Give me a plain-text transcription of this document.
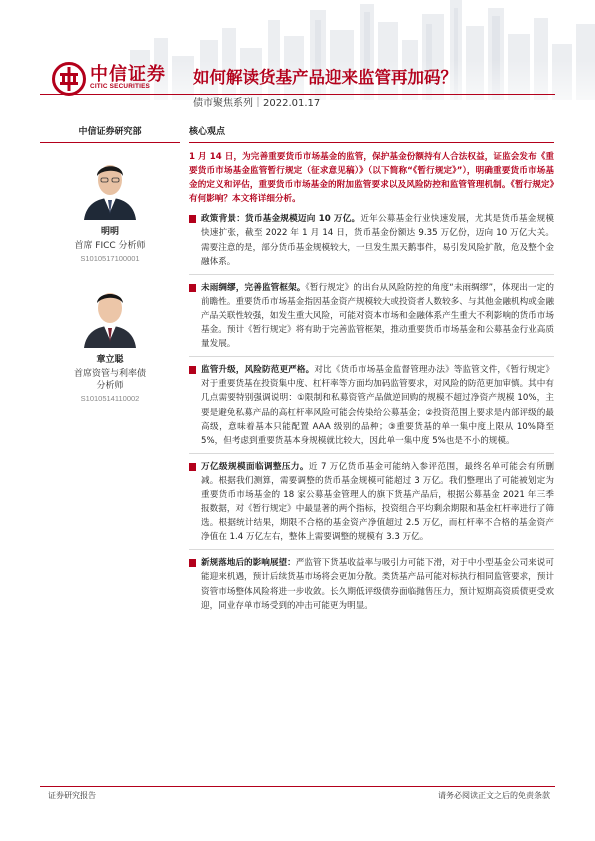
中信证券
CITIC SECURITIES	如何解读货基产品迎来监管再加码？
债市聚焦系列｜2022.01.17
中信证券研究部
明明
首席 FICC 分析师
S1010517100001
章立聪
首席资管与利率债
分析师
S1010514110002
核心观点
1 月 14 日，为完善重要货币市场基金的监管，保护基金份额持有人合法权益，证监会发布《重要货币市场基金监管暂行规定（征求意见稿）》（以下简称“《暂行规定》”），明确重要货币市场基金的定义和评估，重要货币市场基金的附加监管要求以及风险防控和监管管理机制。《暂行规定》有何影响？本文将详细分析。
政策背景：货币基金规模迈向 10 万亿。近年公募基金行业快速发展，尤其是货币基金规模快速扩张，截至 2022 年 1 月 14 日，货币基金份额达 9.35 万亿份，迈向 10 万亿大关。需要注意的是，部分货币基金规模较大，一旦发生黑天鹅事件，易引发风险扩散，危及整个金融体系。
未雨绸缪，完善监管框架。《暂行规定》的出台从风险防控的角度“未雨绸缪”，体现出一定的前瞻性。重要货币市场基金指因基金资产规模较大或投资者人数较多、与其他金融机构或金融产品关联性较强，如发生重大风险，可能对资本市场和金融体系产生重大不利影响的货币市场基金。预计《暂行规定》将有助于完善监管框架，推动重要货币市场基金和公募基金行业高质量发展。
监管升级，风险防范更严格。对比《货币市场基金监督管理办法》等监管文件，《暂行规定》对于重要货基在投资集中度、杠杆率等方面均加码监管要求，对风险的防范更加审慎。其中有几点需要特别强调说明：①限制和私募资管产品做逆回购的规模不超过净资产规模 10%，主要是避免私募产品的高杠杆率风险可能会传染给公募基金；②投资范围上要求是内部评级的最高级，意味着基本只能配置 AAA 级别的品种；③重要货基的单一集中度上限从 10%降至 5%，但考虑到重要货基本身规模就比较大，因此单一集中度 5%也是不小的规模。
万亿级规模面临调整压力。近 7 万亿货币基金可能纳入参评范围，最终名单可能会有所删减。根据我们测算，需要调整的货币基金规模可能超过 3 万亿。我们整理出了可能被划定为重要货币市场基金的 18 家公募基金管理人的旗下货基产品后，根据公募基金 2021 年三季报数据，对《暂行规定》中最显著的两个指标，投资组合平均剩余期限和基金杠杆率进行了筛选。根据统计结果，期限不合格的基金资产净值超过 2.5 万亿，而杠杆率不合格的基金资产净值在 1.4 万亿左右，整体上需要调整的规模有 3.3 万亿。
新规落地后的影响展望：严监管下货基收益率与吸引力可能下滑，对于中小型基金公司来说可能迎来机遇，预计后续货基市场将会更加分散。类货基产品可能对标执行相同监管要求，预计资管市场整体风险将进一步收敛。长久期低评级债券面临抛售压力，预计短期高资质债更受欢迎，同业存单市场受到的冲击可能更为明显。
证券研究报告	请务必阅读正文之后的免责条款
